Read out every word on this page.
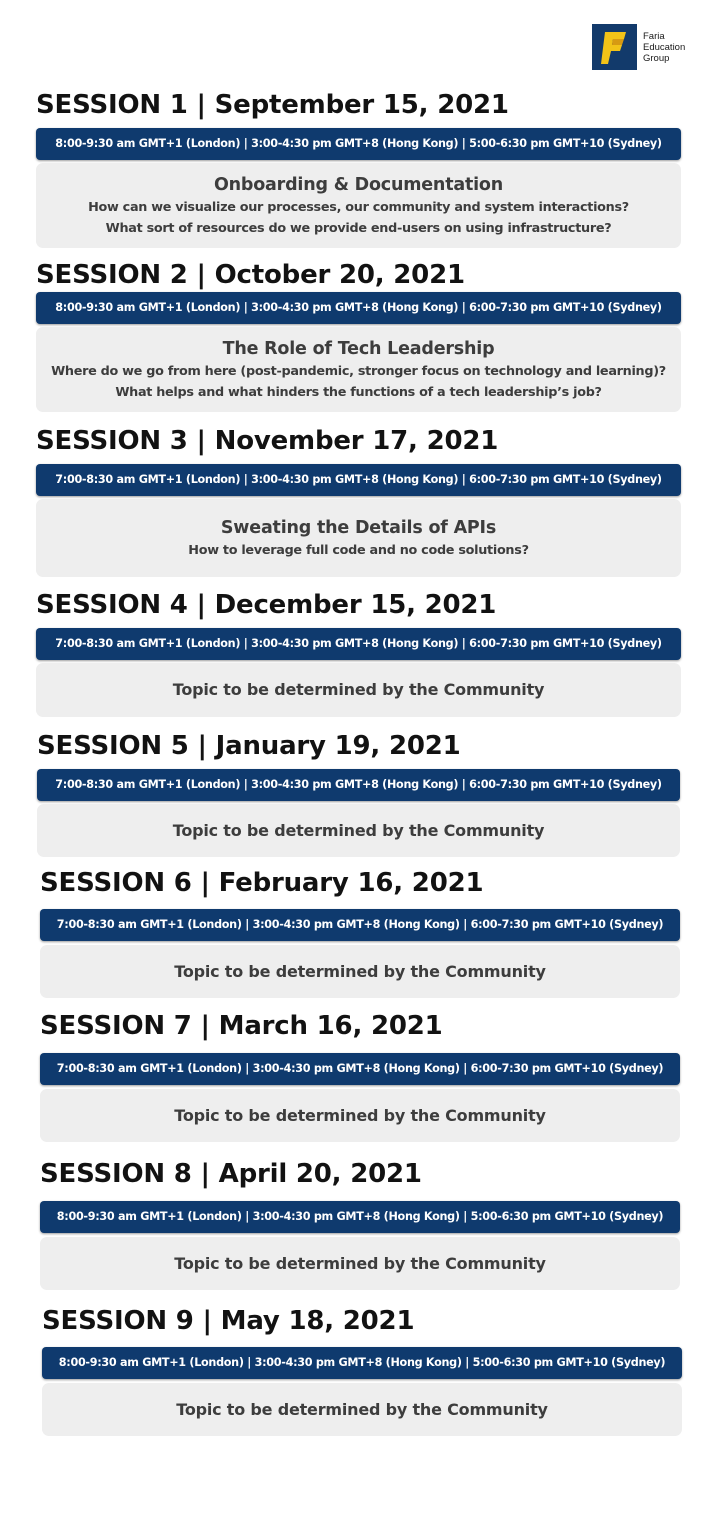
Faria
Education
Group
SESSION 1 | September 15, 2021
8:00-9:30 am GMT+1 (London) | 3:00-4:30 pm GMT+8 (Hong Kong) | 5:00-6:30 pm GMT+10 (Sydney)
Onboarding & Documentation
How can we visualize our processes, our community and system interactions?
What sort of resources do we provide end-users on using infrastructure?
SESSION 2 | October 20, 2021
8:00-9:30 am GMT+1 (London) | 3:00-4:30 pm GMT+8 (Hong Kong) | 6:00-7:30 pm GMT+10 (Sydney)
The Role of Tech Leadership
Where do we go from here (post-pandemic, stronger focus on technology and learning)?
What helps and what hinders the functions of a tech leadership’s job?
SESSION 3 | November 17, 2021
7:00-8:30 am GMT+1 (London) | 3:00-4:30 pm GMT+8 (Hong Kong) | 6:00-7:30 pm GMT+10 (Sydney)
Sweating the Details of APIs
How to leverage full code and no code solutions?
SESSION 4 | December 15, 2021
7:00-8:30 am GMT+1 (London) | 3:00-4:30 pm GMT+8 (Hong Kong) | 6:00-7:30 pm GMT+10 (Sydney)
Topic to be determined by the Community
SESSION 5 | January 19, 2021
7:00-8:30 am GMT+1 (London) | 3:00-4:30 pm GMT+8 (Hong Kong) | 6:00-7:30 pm GMT+10 (Sydney)
Topic to be determined by the Community
SESSION 6 | February 16, 2021
7:00-8:30 am GMT+1 (London) | 3:00-4:30 pm GMT+8 (Hong Kong) | 6:00-7:30 pm GMT+10 (Sydney)
Topic to be determined by the Community
SESSION 7 | March 16, 2021
7:00-8:30 am GMT+1 (London) | 3:00-4:30 pm GMT+8 (Hong Kong) | 6:00-7:30 pm GMT+10 (Sydney)
Topic to be determined by the Community
SESSION 8 | April 20, 2021
8:00-9:30 am GMT+1 (London) | 3:00-4:30 pm GMT+8 (Hong Kong) | 5:00-6:30 pm GMT+10 (Sydney)
Topic to be determined by the Community
SESSION 9 | May 18, 2021
8:00-9:30 am GMT+1 (London) | 3:00-4:30 pm GMT+8 (Hong Kong) | 5:00-6:30 pm GMT+10 (Sydney)
Topic to be determined by the Community
